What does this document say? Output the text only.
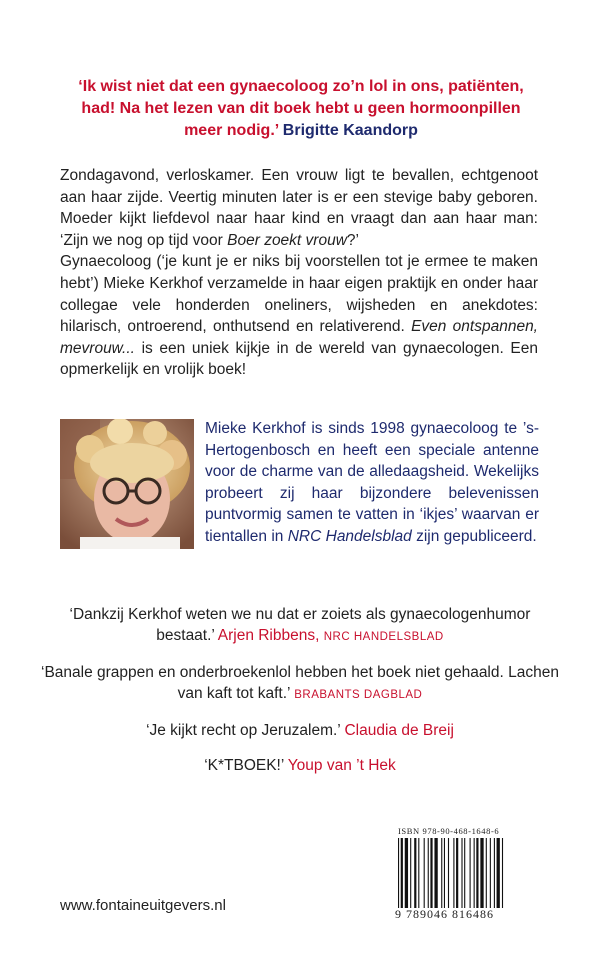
‘Ik wist niet dat een gynaecoloog zo’n lol in ons, patiënten, had! Na het lezen van dit boek hebt u geen hormoonpillen meer nodig.’ Brigitte Kaandorp

Zondagavond, verloskamer. Een vrouw ligt te bevallen, echtgenoot aan haar zijde. Veertig minuten later is er een stevige baby geboren. Moeder kijkt liefdevol naar haar kind en vraagt dan aan haar man: ‘Zijn we nog op tijd voor Boer zoekt vrouw?’

Gynaecoloog (‘je kunt je er niks bij voorstellen tot je ermee te maken hebt’) Mieke Kerkhof verzamelde in haar eigen praktijk en onder haar collegae vele honderden oneliners, wijsheden en anekdotes: hilarisch, ontroerend, onthutsend en relativerend. Even ontspannen, mevrouw... is een uniek kijkje in de wereld van gynaecologen. Een opmerkelijk en vrolijk boek!

Mieke Kerkhof is sinds 1998 gynaecoloog te ’s-Hertogenbosch en heeft een speciale antenne voor de charme van de alledaagsheid. Wekelijks probeert zij haar bijzondere belevenissen puntvormig samen te vatten in ‘ikjes’ waarvan er tientallen in NRC Handelsblad zijn gepubliceerd.

‘Dankzij Kerkhof weten we nu dat er zoiets als gynaecologenhumor bestaat.’ Arjen Ribbens, NRC HANDELSBLAD

‘Banale grappen en onderbroekenlol hebben het boek niet gehaald. Lachen van kaft tot kaft.’ BRABANTS DAGBLAD

‘Je kijkt recht op Jeruzalem.’ Claudia de Breij

‘K*TBOEK!’ Youp van ’t Hek

ISBN 978-90-468-1648-6
9 789046 816486
www.fontaineuitgevers.nl
